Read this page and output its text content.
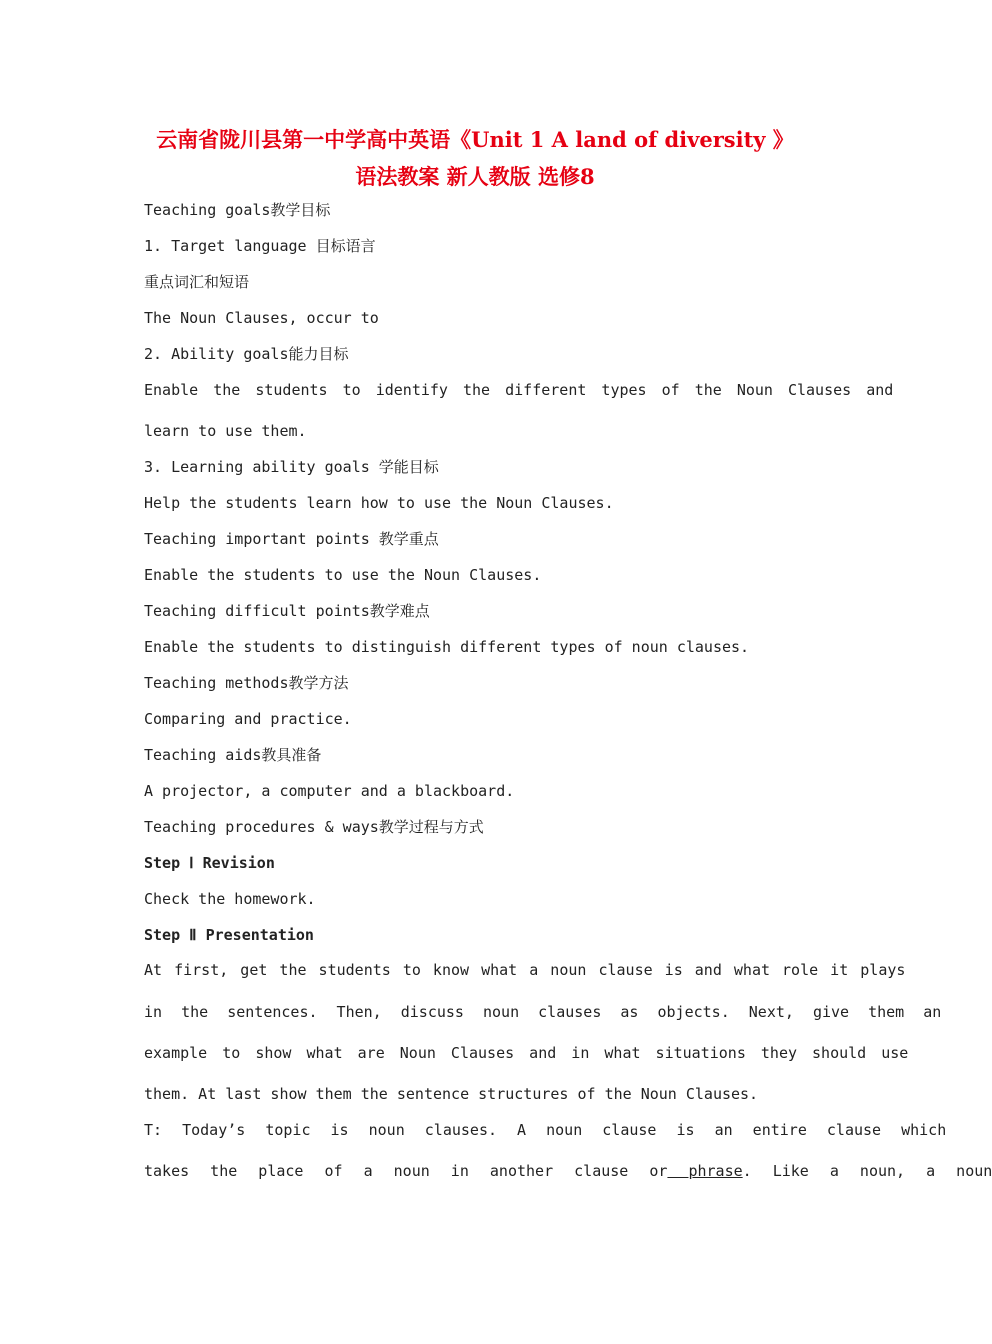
云南省陇川县第一中学高中英语《Unit 1 A land of diversity 》
语法教案 新人教版 选修8
Teaching goals教学目标
1. Target language 目标语言
重点词汇和短语
The Noun Clauses, occur to
2. Ability goals能力目标
Enable the students to identify the different types of the Noun Clauses and
learn to use them.
3. Learning ability goals 学能目标
Help the students learn how to use the Noun Clauses.
Teaching important points 教学重点
Enable the students to use the Noun Clauses.
Teaching difficult points教学难点
Enable the students to distinguish different types of noun clauses.
Teaching methods教学方法
Comparing and practice.
Teaching aids教具准备
A projector, a computer and a blackboard.
Teaching procedures & ways教学过程与方式
Step Ⅰ Revision
Check the homework.
Step Ⅱ Presentation
At first, get the students to know what a noun clause is and what role it plays
in the sentences. Then, discuss noun clauses as objects. Next, give them an
example to show what are Noun Clauses and in what situations they should use
them. At last show them the sentence structures of the Noun Clauses.
T: Today’s topic is noun clauses. A noun clause is an entire clause which
takes the place of a noun in another clause or phrase. Like a noun, a noun
